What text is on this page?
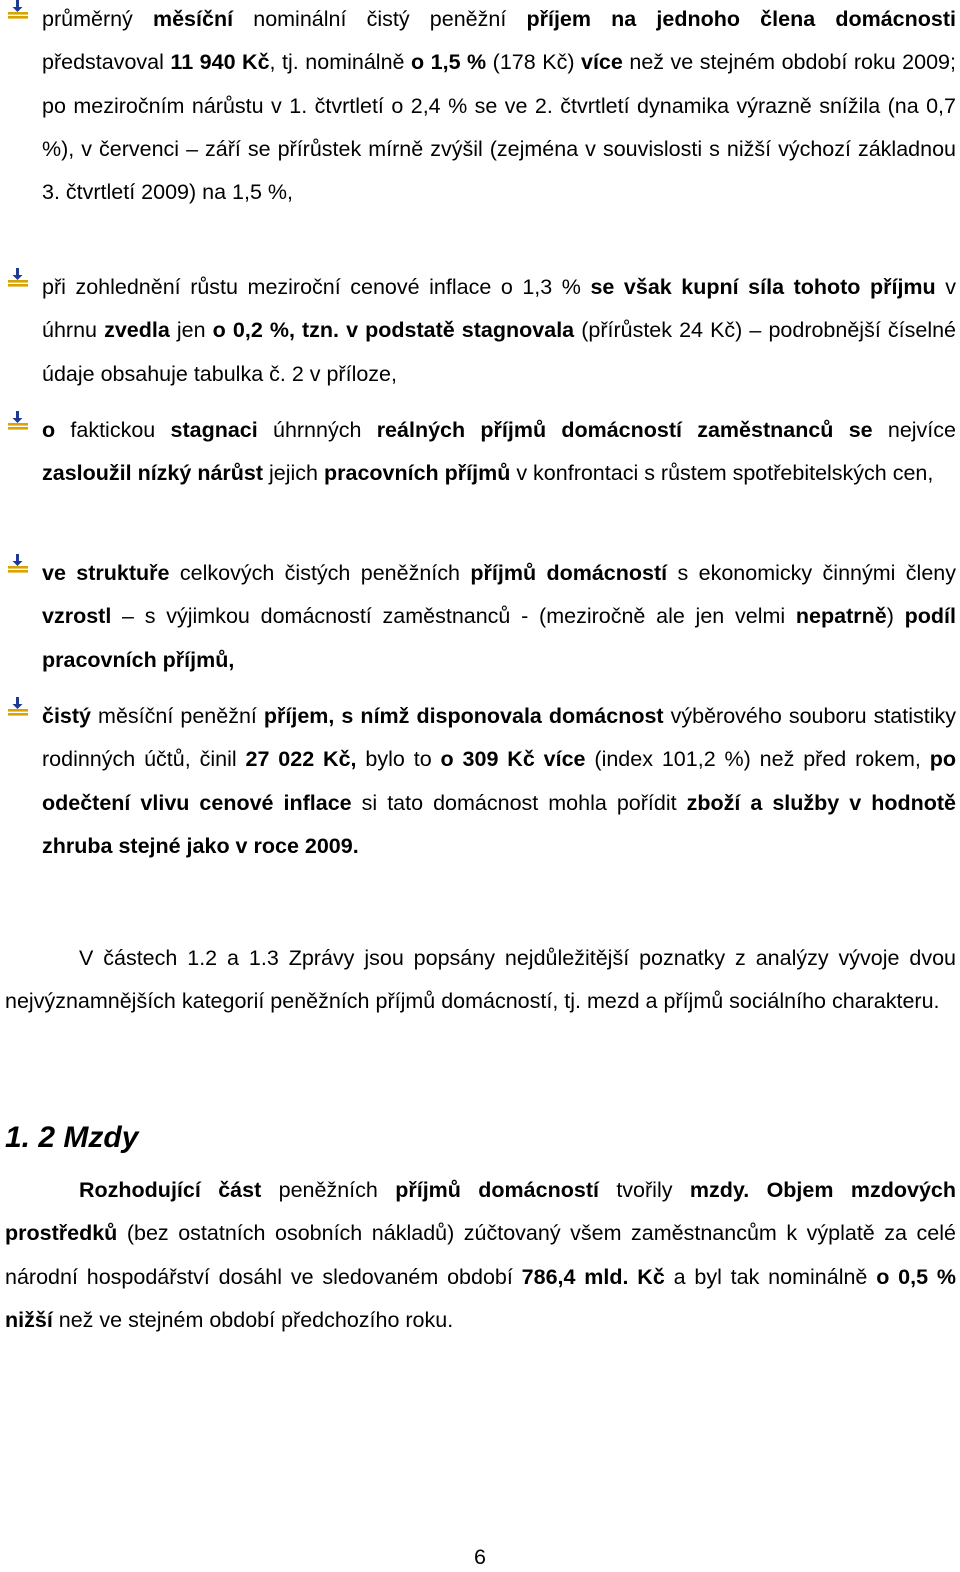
průměrný měsíční nominální čistý peněžní příjem na jednoho člena domácnosti představoval 11 940 Kč, tj. nominálně o 1,5 % (178 Kč) více než ve stejném období roku 2009; po meziročním nárůstu v 1. čtvrtletí o 2,4 % se ve 2. čtvrtletí dynamika výrazně snížila (na 0,7 %), v červenci – září se přírůstek mírně zvýšil (zejména v souvislosti s nižší výchozí základnou 3. čtvrtletí 2009) na 1,5 %,
při zohlednění růstu meziroční cenové inflace o 1,3 % se však kupní síla tohoto příjmu v úhrnu zvedla jen o 0,2 %, tzn. v podstatě stagnovala (přírůstek 24 Kč) – podrobnější číselné údaje obsahuje tabulka č. 2 v příloze,
o faktickou stagnaci úhrnných reálných příjmů domácností zaměstnanců se nejvíce zasloužil nízký nárůst jejich pracovních příjmů v konfrontaci s růstem spotřebitelských cen,
ve struktuře celkových čistých peněžních příjmů domácností s ekonomicky činnými členy vzrostl – s výjimkou domácností zaměstnanců - (meziročně ale jen velmi nepatrně) podíl pracovních příjmů,
čistý měsíční peněžní příjem, s nímž disponovala domácnost výběrového souboru statistiky rodinných účtů, činil 27 022 Kč, bylo to o 309 Kč více (index 101,2 %) než před rokem, po odečtení vlivu cenové inflace si tato domácnost mohla pořídit zboží a služby v hodnotě zhruba stejné jako v roce 2009.
V částech 1.2 a 1.3 Zprávy jsou popsány nejdůležitější poznatky z analýzy vývoje dvou nejvýznamnějších kategorií peněžních příjmů domácností, tj. mezd a příjmů sociálního charakteru.
1. 2 Mzdy
Rozhodující část peněžních příjmů domácností tvořily mzdy. Objem mzdových prostředků (bez ostatních osobních nákladů) zúčtovaný všem zaměstnancům k výplatě za celé národní hospodářství dosáhl ve sledovaném období 786,4 mld. Kč a byl tak nominálně o 0,5 % nižší než ve stejném období předchozího roku.
6
